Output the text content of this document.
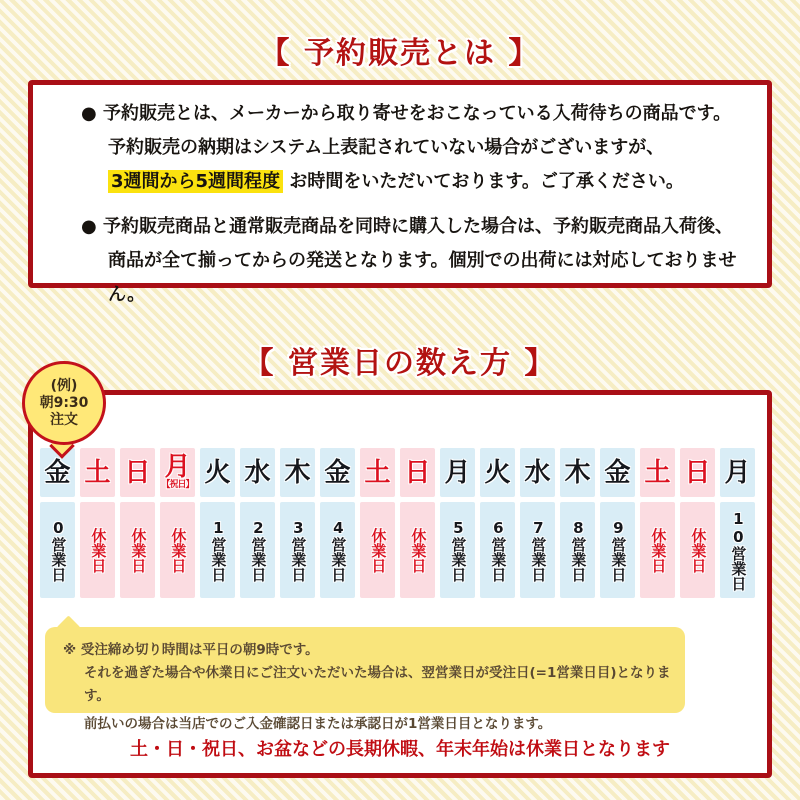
【 予約販売とは 】
● 予約販売とは、メーカーから取り寄せをおこなっている入荷待ちの商品です。
予約販売の納期はシステム上表記されていない場合がございますが、
3週間から5週間程度 お時間をいただいております。ご了承ください。
● 予約販売商品と通常販売商品を同時に購入した場合は、予約販売商品入荷後、
商品が全て揃ってからの発送となります。個別での出荷には対応しておりません。
【 営業日の数え方 】
(例)
朝9:30
注文
金
0営業日
土
休業日
日
休業日
月
【祝日】
休業日
火
1営業日
水
2営業日
木
3営業日
金
4営業日
土
休業日
日
休業日
月
5営業日
火
6営業日
水
7営業日
木
8営業日
金
9営業日
土
休業日
日
休業日
月
10営業日
※ 受注締め切り時間は平日の朝9時です。
それを過ぎた場合や休業日にご注文いただいた場合は、翌営業日が受注日(=1営業日目)となります。
前払いの場合は当店でのご入金確認日または承認日が1営業日目となります。
土・日・祝日、お盆などの長期休暇、年末年始は休業日となります
